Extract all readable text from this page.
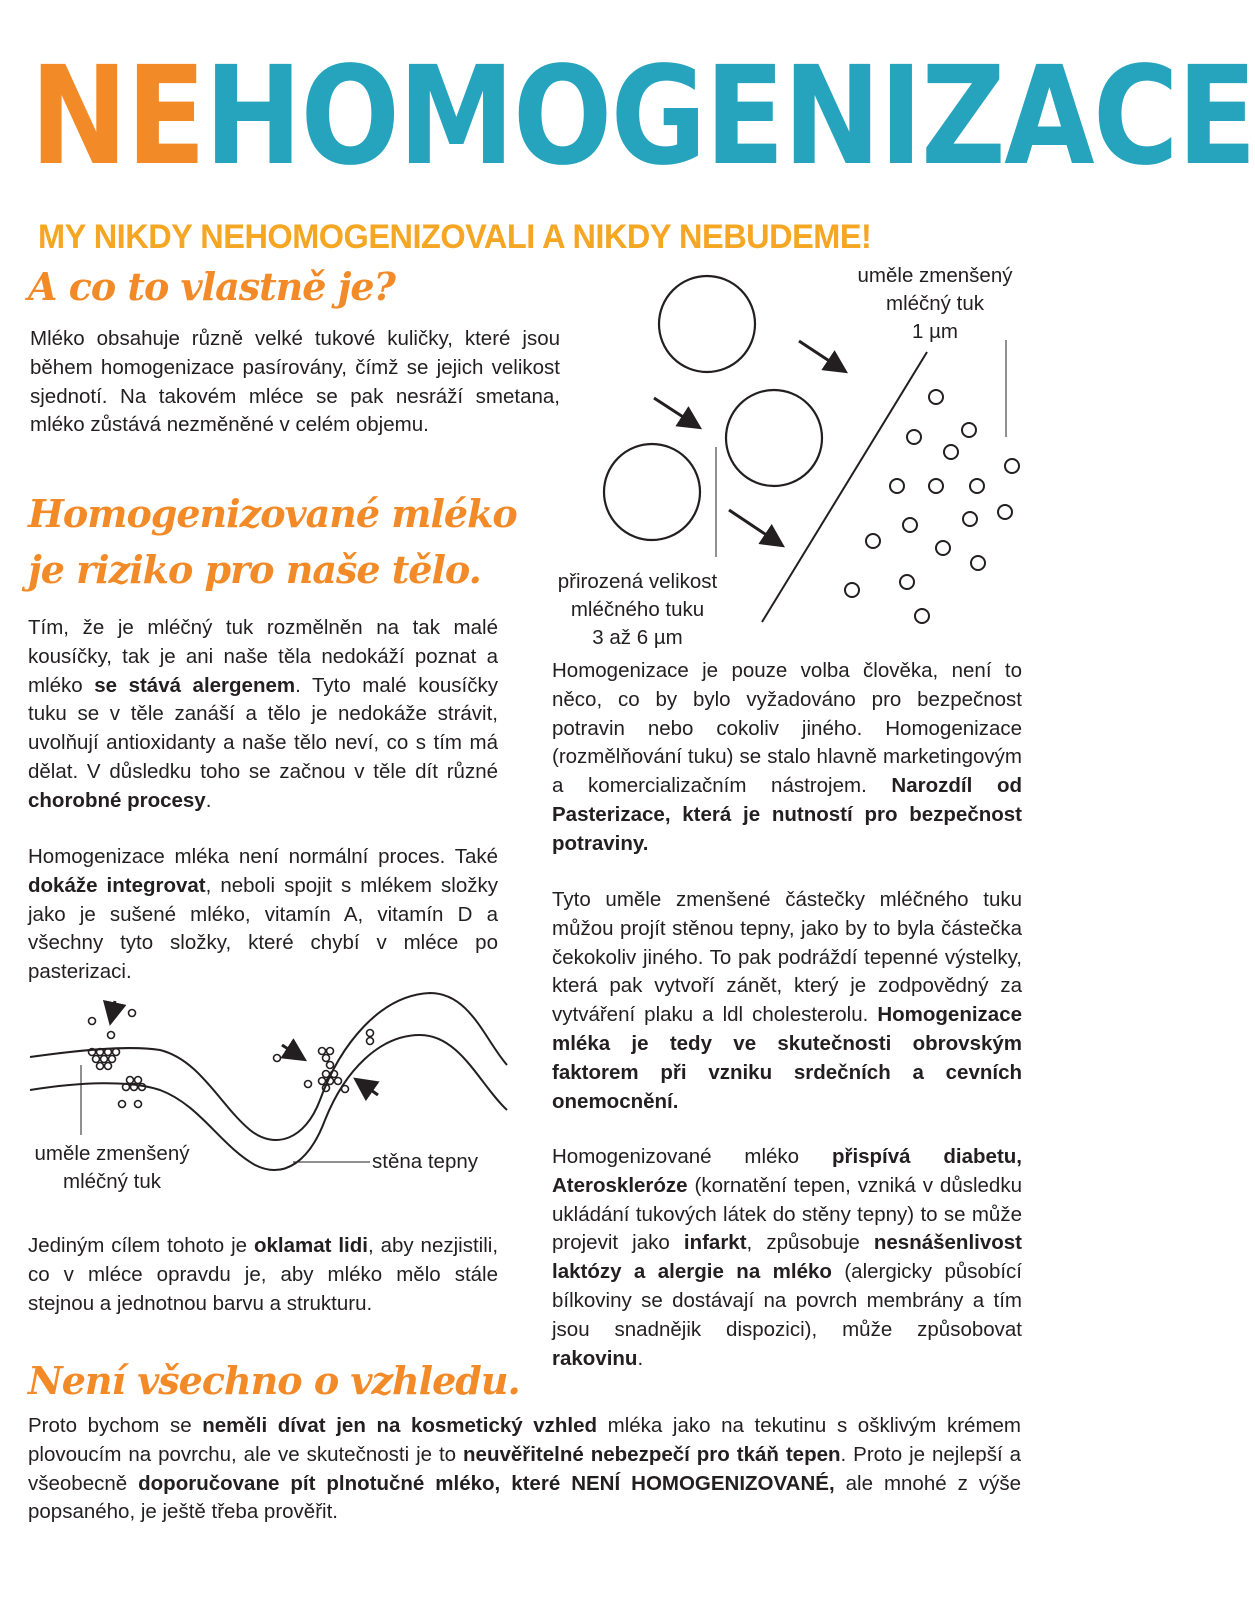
NEHOMOGENIZACE
MY NIKDY NEHOMOGENIZOVALI A NIKDY NEBUDEME!
A co to vlastně je?
Homogenizované mléko
je riziko pro naše tělo.
Není všechno o vzhledu.

Mléko obsahuje různě velké tukové kuličky, které jsou během homogenizace pasírovány, čímž se jejich velikost sjednotí. Na takovém mléce se pak nesráží smetana, mléko zůstává nezměněné v celém objemu.

Tím, že je mléčný tuk rozmělněn na tak malé kousíčky, tak je ani naše těla nedokáží poznat a mléko se stává alergenem. Tyto malé kousíčky tuku se v těle zanáší a tělo je nedokáže strávit, uvolňují antioxidanty a naše tělo neví, co s tím má dělat. V důsledku toho se začnou v těle dít různé chorobné procesy.

Homogenizace mléka není normální proces. Také dokáže integrovat, neboli spojit s mlékem složky jako je sušené mléko, vitamín A, vitamín D a všechny tyto složky, které chybí v mléce po pasterizaci.

Jediným cílem tohoto je oklamat lidi, aby nezjistili, co v mléce opravdu je, aby mléko mělo stále stejnou a jednotnou barvu a strukturu.

Homogenizace je pouze volba člověka, není to něco, co by bylo vyžadováno pro bezpečnost potravin nebo cokoliv jiného. Homogenizace (rozmělňování tuku) se stalo hlavně marketingovým a komercializačním nástrojem. Narozdíl od Pasterizace, která je nutností pro bezpečnost potraviny.

Tyto uměle zmenšené částečky mléčného tuku můžou projít stěnou tepny, jako by to byla částečka čekokoliv jiného. To pak podráždí tepenné výstelky, která pak vytvoří zánět, který je zodpovědný za vytváření plaku a ldl cholesterolu. Homogenizace mléka je tedy ve skutečnosti obrovským faktorem při vzniku srdečních a cevních onemocnění.

Homogenizované mléko přispívá diabetu, Ateroskleróze (kornatění tepen, vzniká v důsledku ukládání tukových látek do stěny tepny) to se může projevit jako infarkt, způsobuje nesnášenlivost laktózy a alergie na mléko (alergicky působící bílkoviny se dostávají na povrch membrány a tím jsou snadnějik dispozici), může způsobovat rakovinu.

Proto bychom se neměli dívat jen na kosmetický vzhled mléka jako na tekutinu s ošklivým krémem plovoucím na povrchu, ale ve skutečnosti je to neuvěřitelné nebezpečí pro tkáň tepen. Proto je nejlepší a všeobecně doporučovane pít plnotučné mléko, které NENÍ HOMOGENIZOVANÉ, ale mnohé z výše popsaného, je ještě třeba prověřit.

uměle zmenšený
mléčný tuk
1 µm
přirozená velikost
mléčného tuku
3 až 6 µm
uměle zmenšený
mléčný tuk
stěna tepny
